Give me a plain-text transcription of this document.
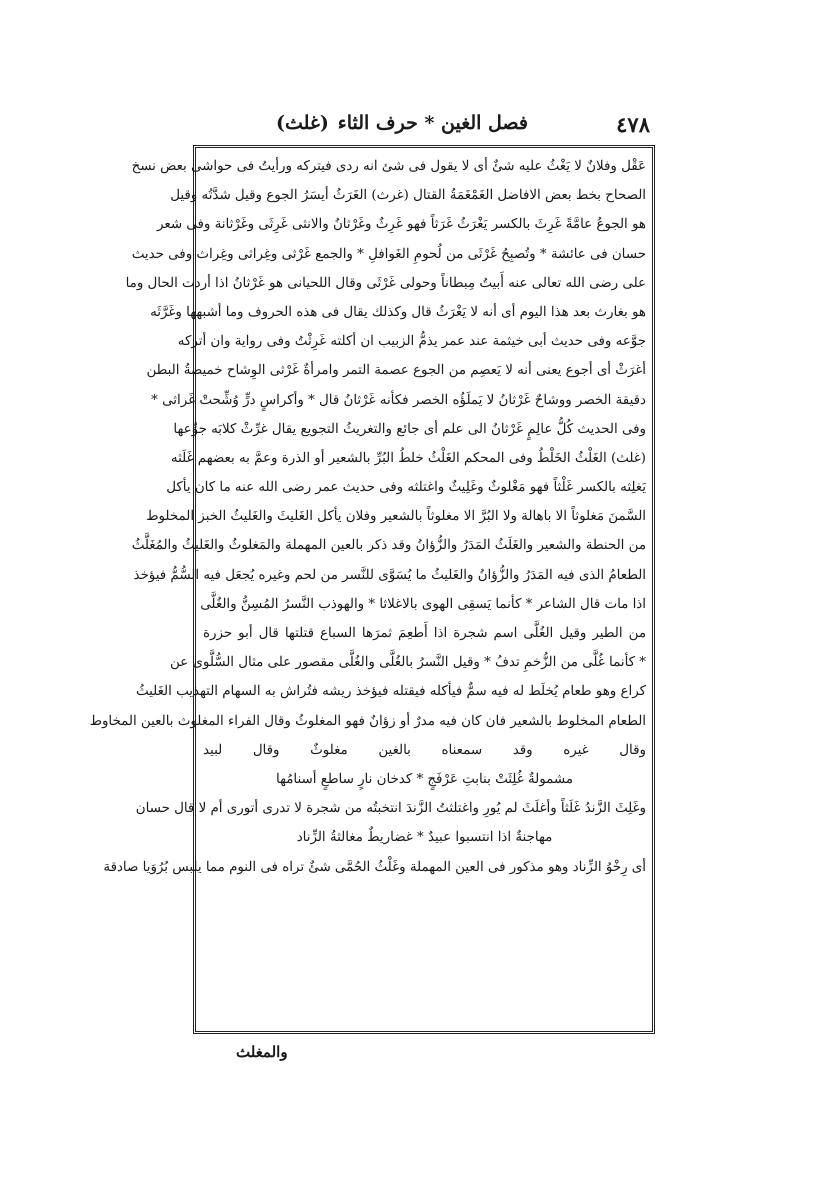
٤٧٨
فصل الغين * حرف الثاء
(غلث)
عَقْل وفلانٌ لا يَغْثُ عليه شئٌ أى لا يقول فى شئ انه ردى فيتركه ورأيتُ فى حواشى بعض نسخ
الصحاح بخط بعض الافاضل الغَمْغَمَةُ القتال (غرث) الغَرَثُ أيسَرُ الجوع وقيل شدَّتُه وقيل
هو الجوعُ عامَّةً غَرِثَ بالكسر يَغْرَثُ غَرَثاً فهو غَرِثٌ وغَرْثانُ والانثى غَرِثَى وغَرْثانة وفى شعر
حسان فى عائشة * وتُصبِحُ غَرْثَى من لُحومِ الغَوافلِ * والجمع غَرْثى وغِراثى وغِراث وفى حديث
على رضى الله تعالى عنه أَبيتُ مِبطاناً وحولى غَرْثَى وقال اللحيانى هو غَرْثانُ اذا أردت الحال وما
هو بغارث بعد هذا اليوم أى أنه لا يَغْرَثُ قال وكذلك يقال فى هذه الحروف وما أشبهها وغَرَّثَه
جوَّعه وفى حديث أبى خيثمة عند عمر يذمُّ الزبيب ان أكلته غَرِثْتُ وفى رواية وان أتركه
أغرَثْ أى أجوع يعنى أنه لا يَعصِم من الجوع عصمة التمر وامرأةٌ غَرْثى الوِشاح خميصةُ البطن
دقيقة الخصر ووشاحٌ غَرْثانُ لا يَملَؤُه الخصر فكأنه غَرْثانُ قال * وأكراسٍ درٍّ وُشِّحتْ غَراثى *
وفى الحديث كُلُّ عالِمٍ غَرْثانُ الى علم أى جائع والتغريثُ التجويع يقال غرِّثْ كلابَه جوِّعها
(غلث) الغَلْثُ الخَلْطُ وفى المحكم الغَلْثُ خلطُ البُرِّ بالشعير أو الذرة وعمَّ به بعضهم غَلَثه
يَغلِثه بالكسر غَلْثاً فهو مَغْلوثٌ وغَلِيثٌ واغتلثه وفى حديث عمر رضى الله عنه ما كان يأكل
السَّمنَ مَغلوثاً الا باهالة ولا البُرَّ الا مغلوثاً بالشعير وفلان يأكل الغَليثَ والغَليثُ الخبز المخلوط
من الحنطة والشعير والغَلَثُ المَدَرُ والزُّؤانُ وقد ذكر بالعين المهملة والمَغلوثُ والغَليثُ والمُغَلَّثُ
الطعامُ الذى فيه المَدَرُ والزُّؤانُ والغَليثُ ما يُسَوَّى للنَّسر من لحم وغيره يُجعَل فيه السُّمُّ فيؤخذ
اذا مات قال الشاعر * كأنما يَسقِى الهوى بالاغلاثا * والهوذب النَّسرُ المُسِنُّ والغُلَّى
من الطير وقيل الغُلَّى اسم شجرة اذا أَطعِمَ ثمرَها السباع قتلتها قال أبو حزرة
* كأنما غُلَّى من الزُّخمِ تدفُ * وقيل النَّسرُ بالغُلَّى والغُلَّى مقصور على مثال السُّلَّوى عن
كراع وهو طعام يُخلَط له فيه سمٌّ فيأكله فيقتله فيؤخذ ريشه فتُراش به السهام التهذيب الغَليثُ
الطعام المخلوط بالشعير فان كان فيه مدرٌ أو زؤانٌ فهو المغلوثُ وقال الفراء المغلوث بالعين المخاوط
وقال غيره وقد سمعناه بالغين مغلوثٌ وقال لبيد
مشمولةٌ غُلِثَتْ بنابتِ عَرْفَجٍ * كدخان نارٍ ساطعٍ أسنامُها
وغَلِثَ الزَّندُ غَلَثاً وأغلَثَ لم يُورِ واغتلثتُ الزَّندَ انتخبتُه من شجرة لا تدرى أتورى أم لا قال حسان
مهاجنةٌ اذا انتسبوا عبيدٌ * غضاريطٌ مغالثةُ الزِّناد
أى رِخْوُ الزِّناد وهو مذكور فى العين المهملة وغَلْثُ الحُمَّى شئٌ تراه فى النوم مما يلبس بُرُوَيا صادقة
والمغلث
